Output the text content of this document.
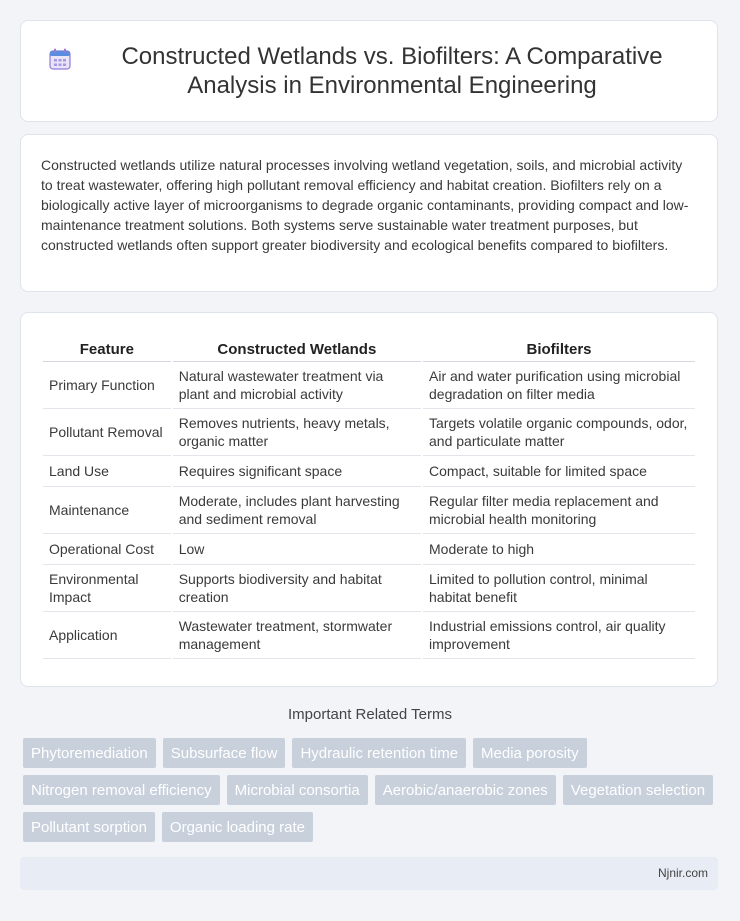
Constructed Wetlands vs. Biofilters: A Comparative Analysis in Environmental Engineering

Constructed wetlands utilize natural processes involving wetland vegetation, soils, and microbial activity to treat wastewater, offering high pollutant removal efficiency and habitat creation. Biofilters rely on a biologically active layer of microorganisms to degrade organic contaminants, providing compact and low-maintenance treatment solutions. Both systems serve sustainable water treatment purposes, but constructed wetlands often support greater biodiversity and ecological benefits compared to biofilters.

Feature	Constructed Wetlands	Biofilters
Primary Function	Natural wastewater treatment via plant and microbial activity	Air and water purification using microbial degradation on filter media
Pollutant Removal	Removes nutrients, heavy metals, organic matter	Targets volatile organic compounds, odor, and particulate matter
Land Use	Requires significant space	Compact, suitable for limited space
Maintenance	Moderate, includes plant harvesting and sediment removal	Regular filter media replacement and microbial health monitoring
Operational Cost	Low	Moderate to high
Environmental Impact	Supports biodiversity and habitat creation	Limited to pollution control, minimal habitat benefit
Application	Wastewater treatment, stormwater management	Industrial emissions control, air quality improvement
Important Related Terms
Phytoremediation	Subsurface flow	Hydraulic retention time	Media porosity
Nitrogen removal efficiency	Microbial consortia	Aerobic/anaerobic zones	Vegetation selection
Pollutant sorption	Organic loading rate
Njnir.com
